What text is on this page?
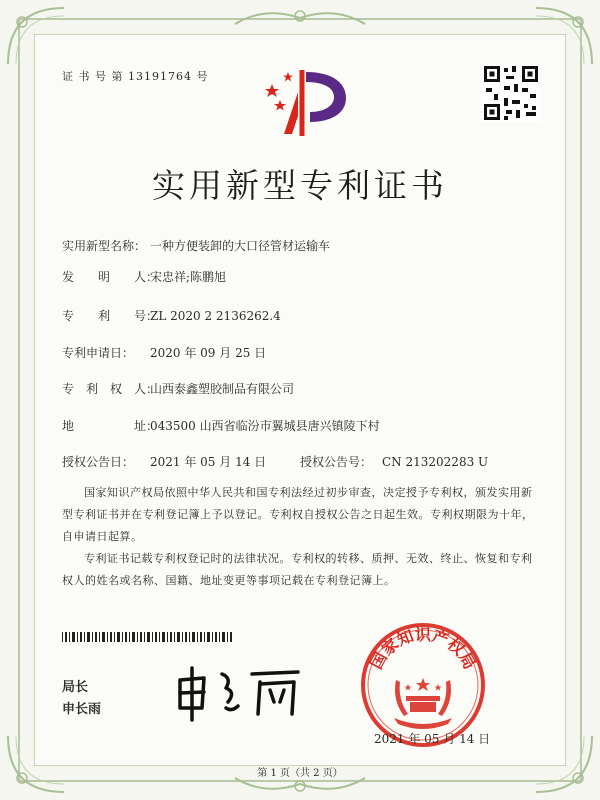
证 书 号 第 13191764 号
实用新型专利证书
实用新型名称： 一种方便装卸的大口径管材运输车
发　　明　　人：宋忠祥;陈鹏旭
专　　利　　号：ZL 2020 2 2136262.4
专利申请日： 2020 年 09 月 25 日
专　利　权　人：山西泰鑫塑胶制品有限公司
地　　　　　址：043500 山西省临汾市翼城县唐兴镇陵下村
授权公告日： 2021 年 05 月 14 日	授权公告号： CN 213202283 U
国家知识产权局依照中华人民共和国专利法经过初步审查，决定授予专利权，颁发实用新型专利证书并在专利登记簿上予以登记。专利权自授权公告之日起生效。专利权期限为十年，自申请日起算。
专利证书记载专利权登记时的法律状况。专利权的转移、质押、无效、终止、恢复和专利权人的姓名或名称、国籍、地址变更等事项记载在专利登记簿上。
局长
申长雨
国家知识产权局
2021 年 05 月 14 日
第 1 页（共 2 页）
